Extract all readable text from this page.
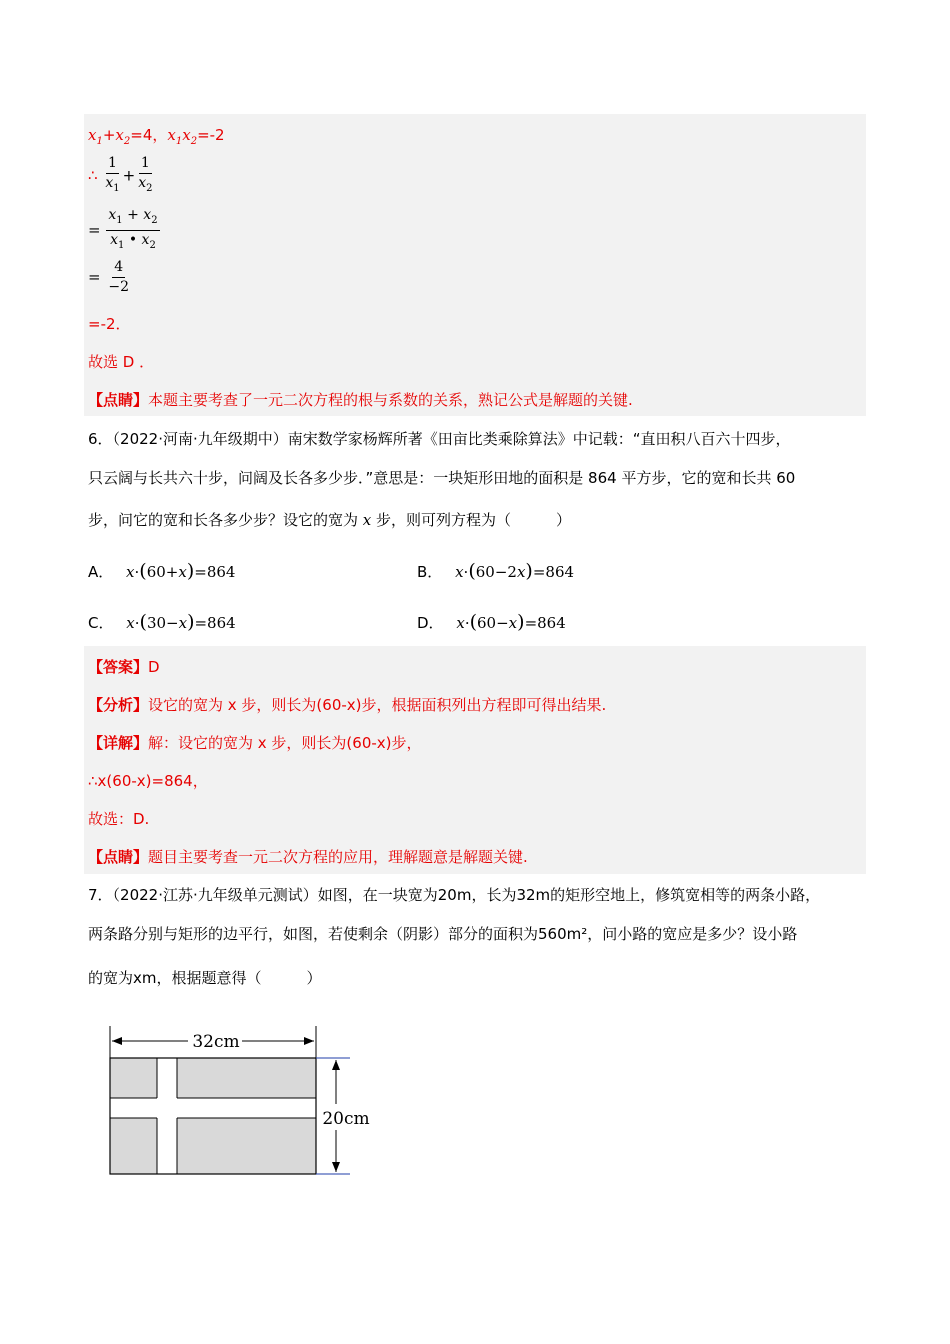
$x_1+x_2=4$，$x_1x_2=-2$
∴ $\frac{1}{x_1} + \frac{1}{x_2}$
= $\frac{x_1 + x_2}{x_1 • x_2}$
= $\frac{4}{-2}$
=-2．
故选 D ．
【点睛】本题主要考查了一元二次方程的根与系数的关系，熟记公式是解题的关键.
6．（2022·河南·九年级期中）南宋数学家杨辉所著《田亩比类乘除算法》中记载：“直田积八百六十四步，
只云阔与长共六十步，问阔及长各多少步．”意思是：一块矩形田地的面积是 864 平方步，它的宽和长共 60
步，问它的宽和长各多少步？设它的宽为 x 步，则可列方程为（　　　）
A． x·(60+x)=864	B． x·(60−2x)=864
C． x·(30−x)=864	D． x·(60−x)=864
【答案】D
【分析】设它的宽为 x 步，则长为(60-x)步，根据面积列出方程即可得出结果.
【详解】解：设它的宽为 x 步，则长为(60-x)步，
∴x(60-x)=864，
故选：D.
【点睛】题目主要考查一元二次方程的应用，理解题意是解题关键.
7．（2022·江苏·九年级单元测试）如图，在一块宽为20m，长为32m的矩形空地上，修筑宽相等的两条小路，
两条路分别与矩形的边平行，如图，若使剩余（阴影）部分的面积为560m²，问小路的宽应是多少？设小路
的宽为xm，根据题意得（　　　）
32cm
20cm
